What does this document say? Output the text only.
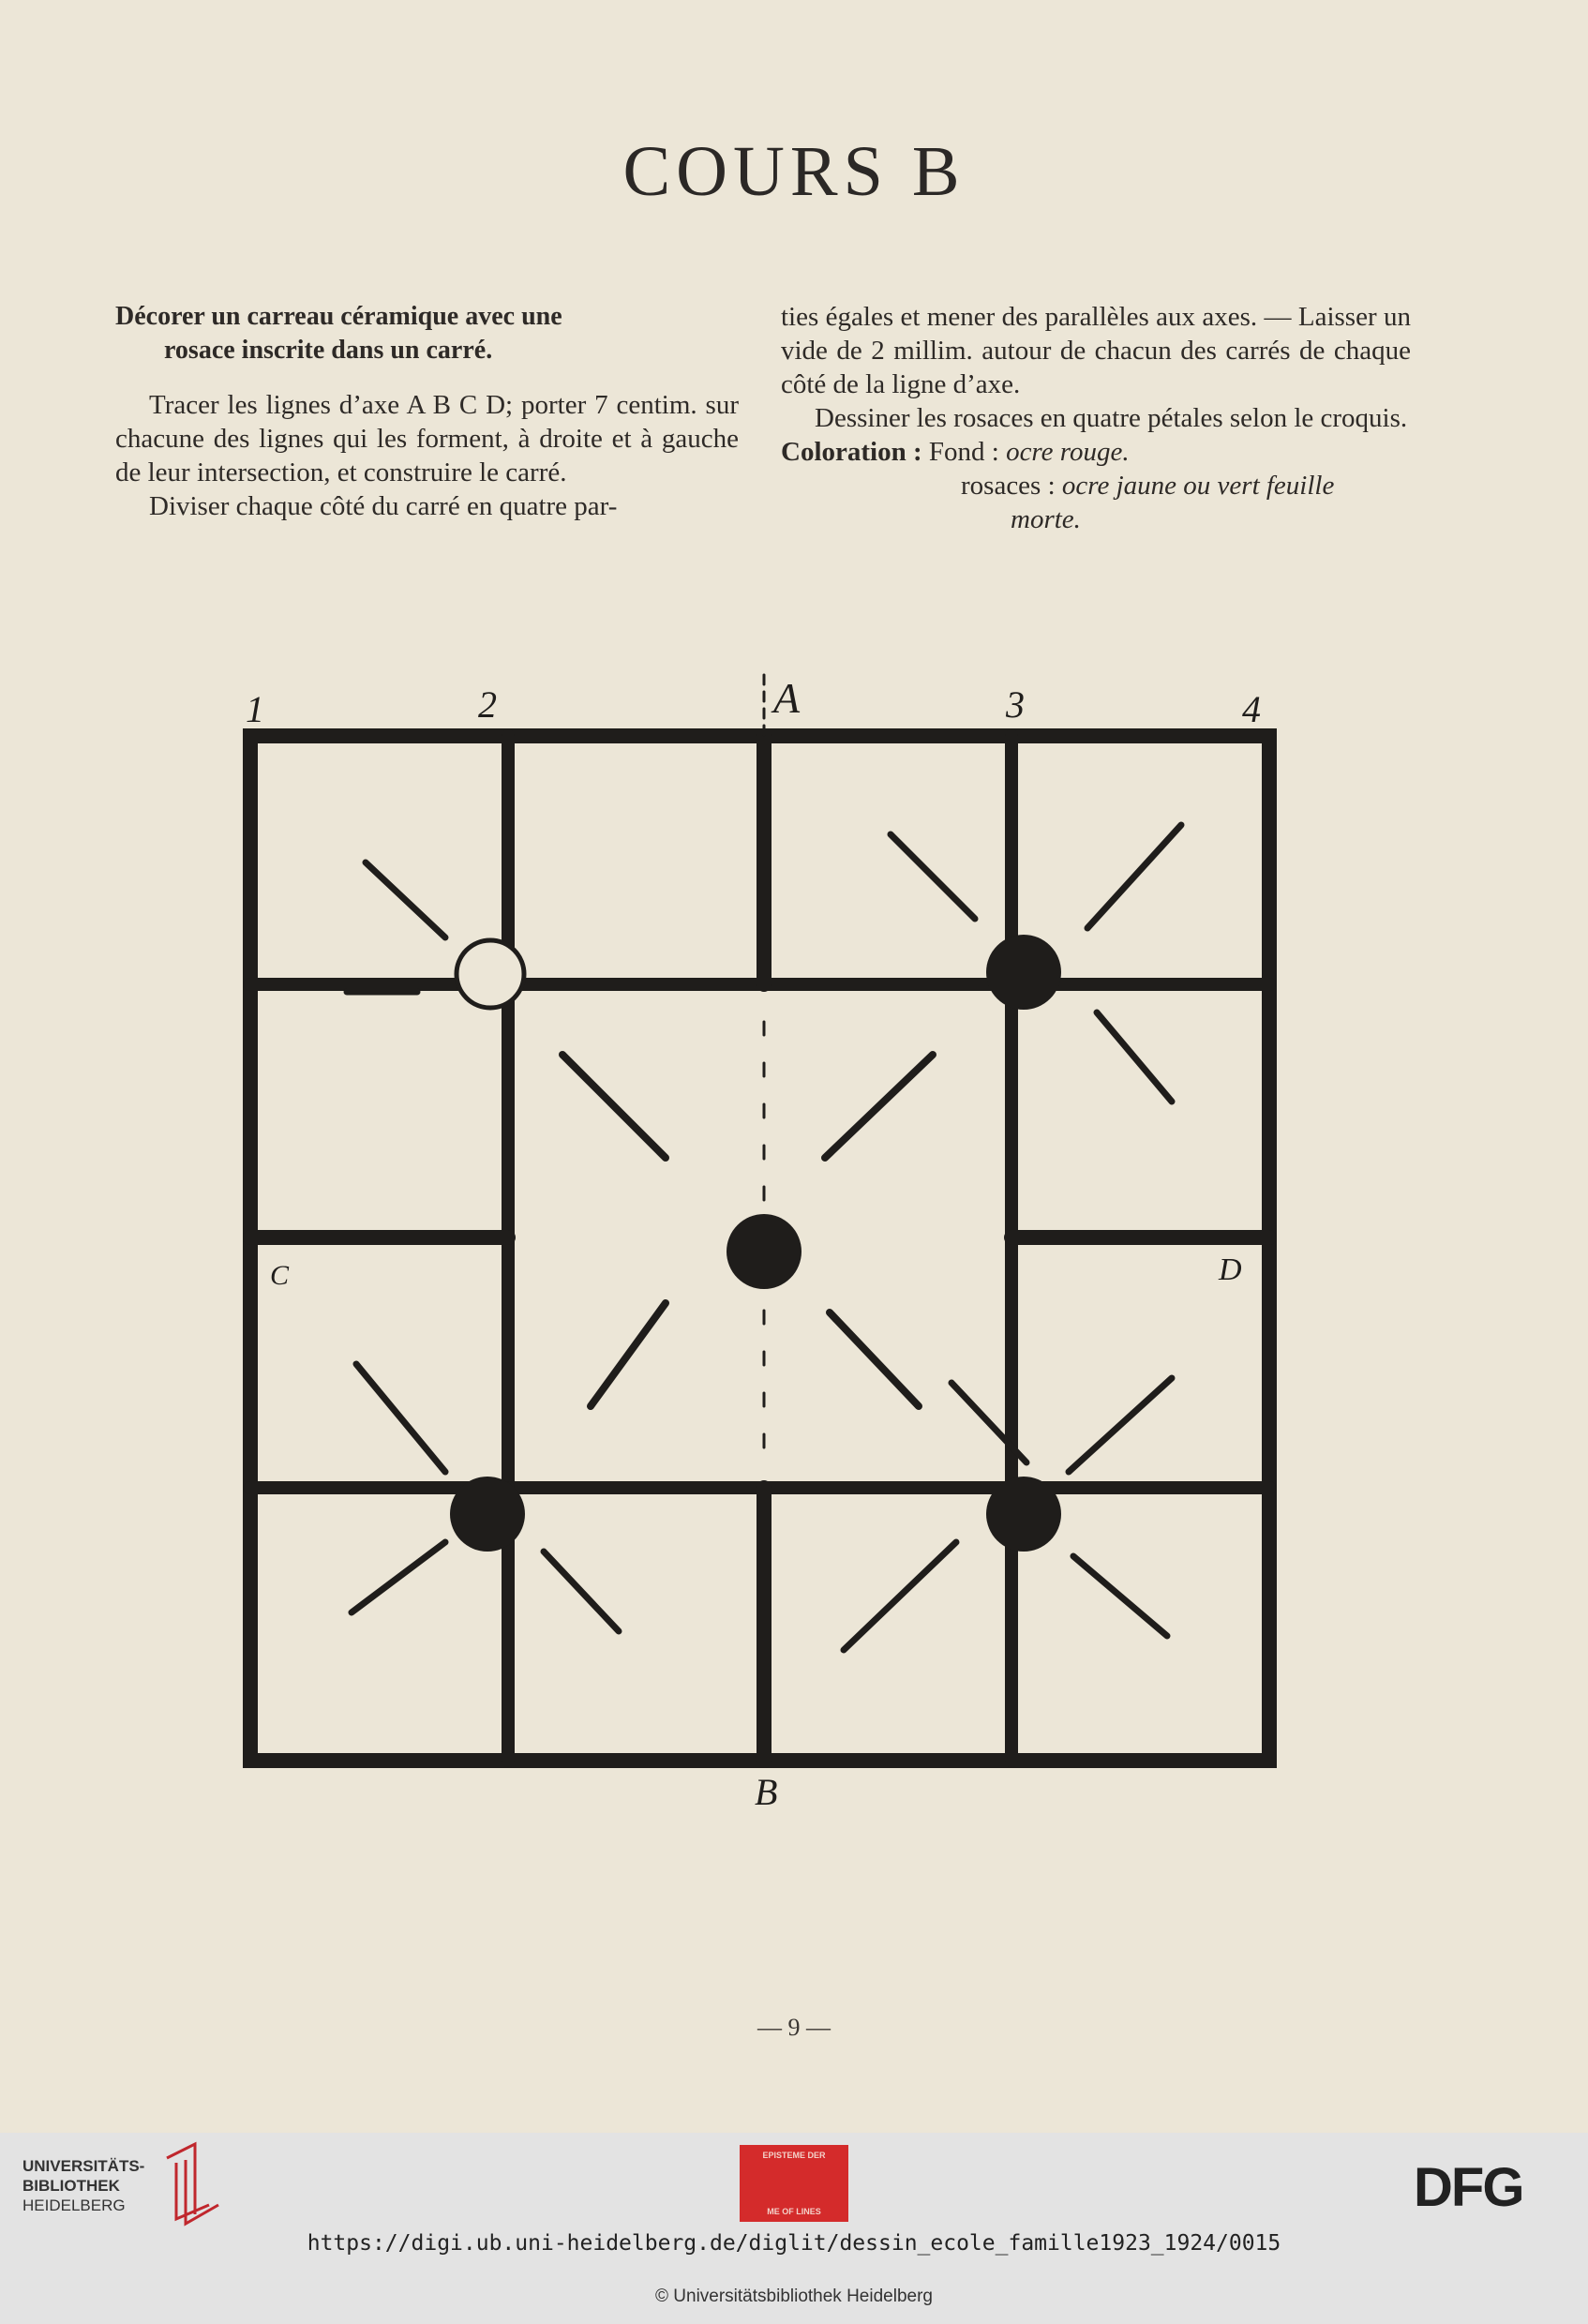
COURS B

Décorer un carreau céramique avec une
rosace inscrite dans un carré.

Tracer les lignes d’axe A B C D; porter 7 centim. sur chacune des lignes qui les forment, à droite et à gauche de leur intersection, et construire le carré.

Diviser chaque côté du carré en quatre par-

ties égales et mener des parallèles aux axes. — Laisser un vide de 2 millim. autour de chacun des carrés de chaque côté de la ligne d’axe.

Dessiner les rosaces en quatre pétales selon le croquis.

Coloration : Fond : ocre rouge.
rosaces : ocre jaune ou vert feuille
morte.

1	2	A	3	4
C	D
B
— 9 —
UNIVERSITÄTS-
BIBLIOTHEK
HEIDELBERG
EPISTEME DER
ME OF LINES	DFG
https://digi.ub.uni-heidelberg.de/diglit/dessin_ecole_famille1923_1924/0015
© Universitätsbibliothek Heidelberg
